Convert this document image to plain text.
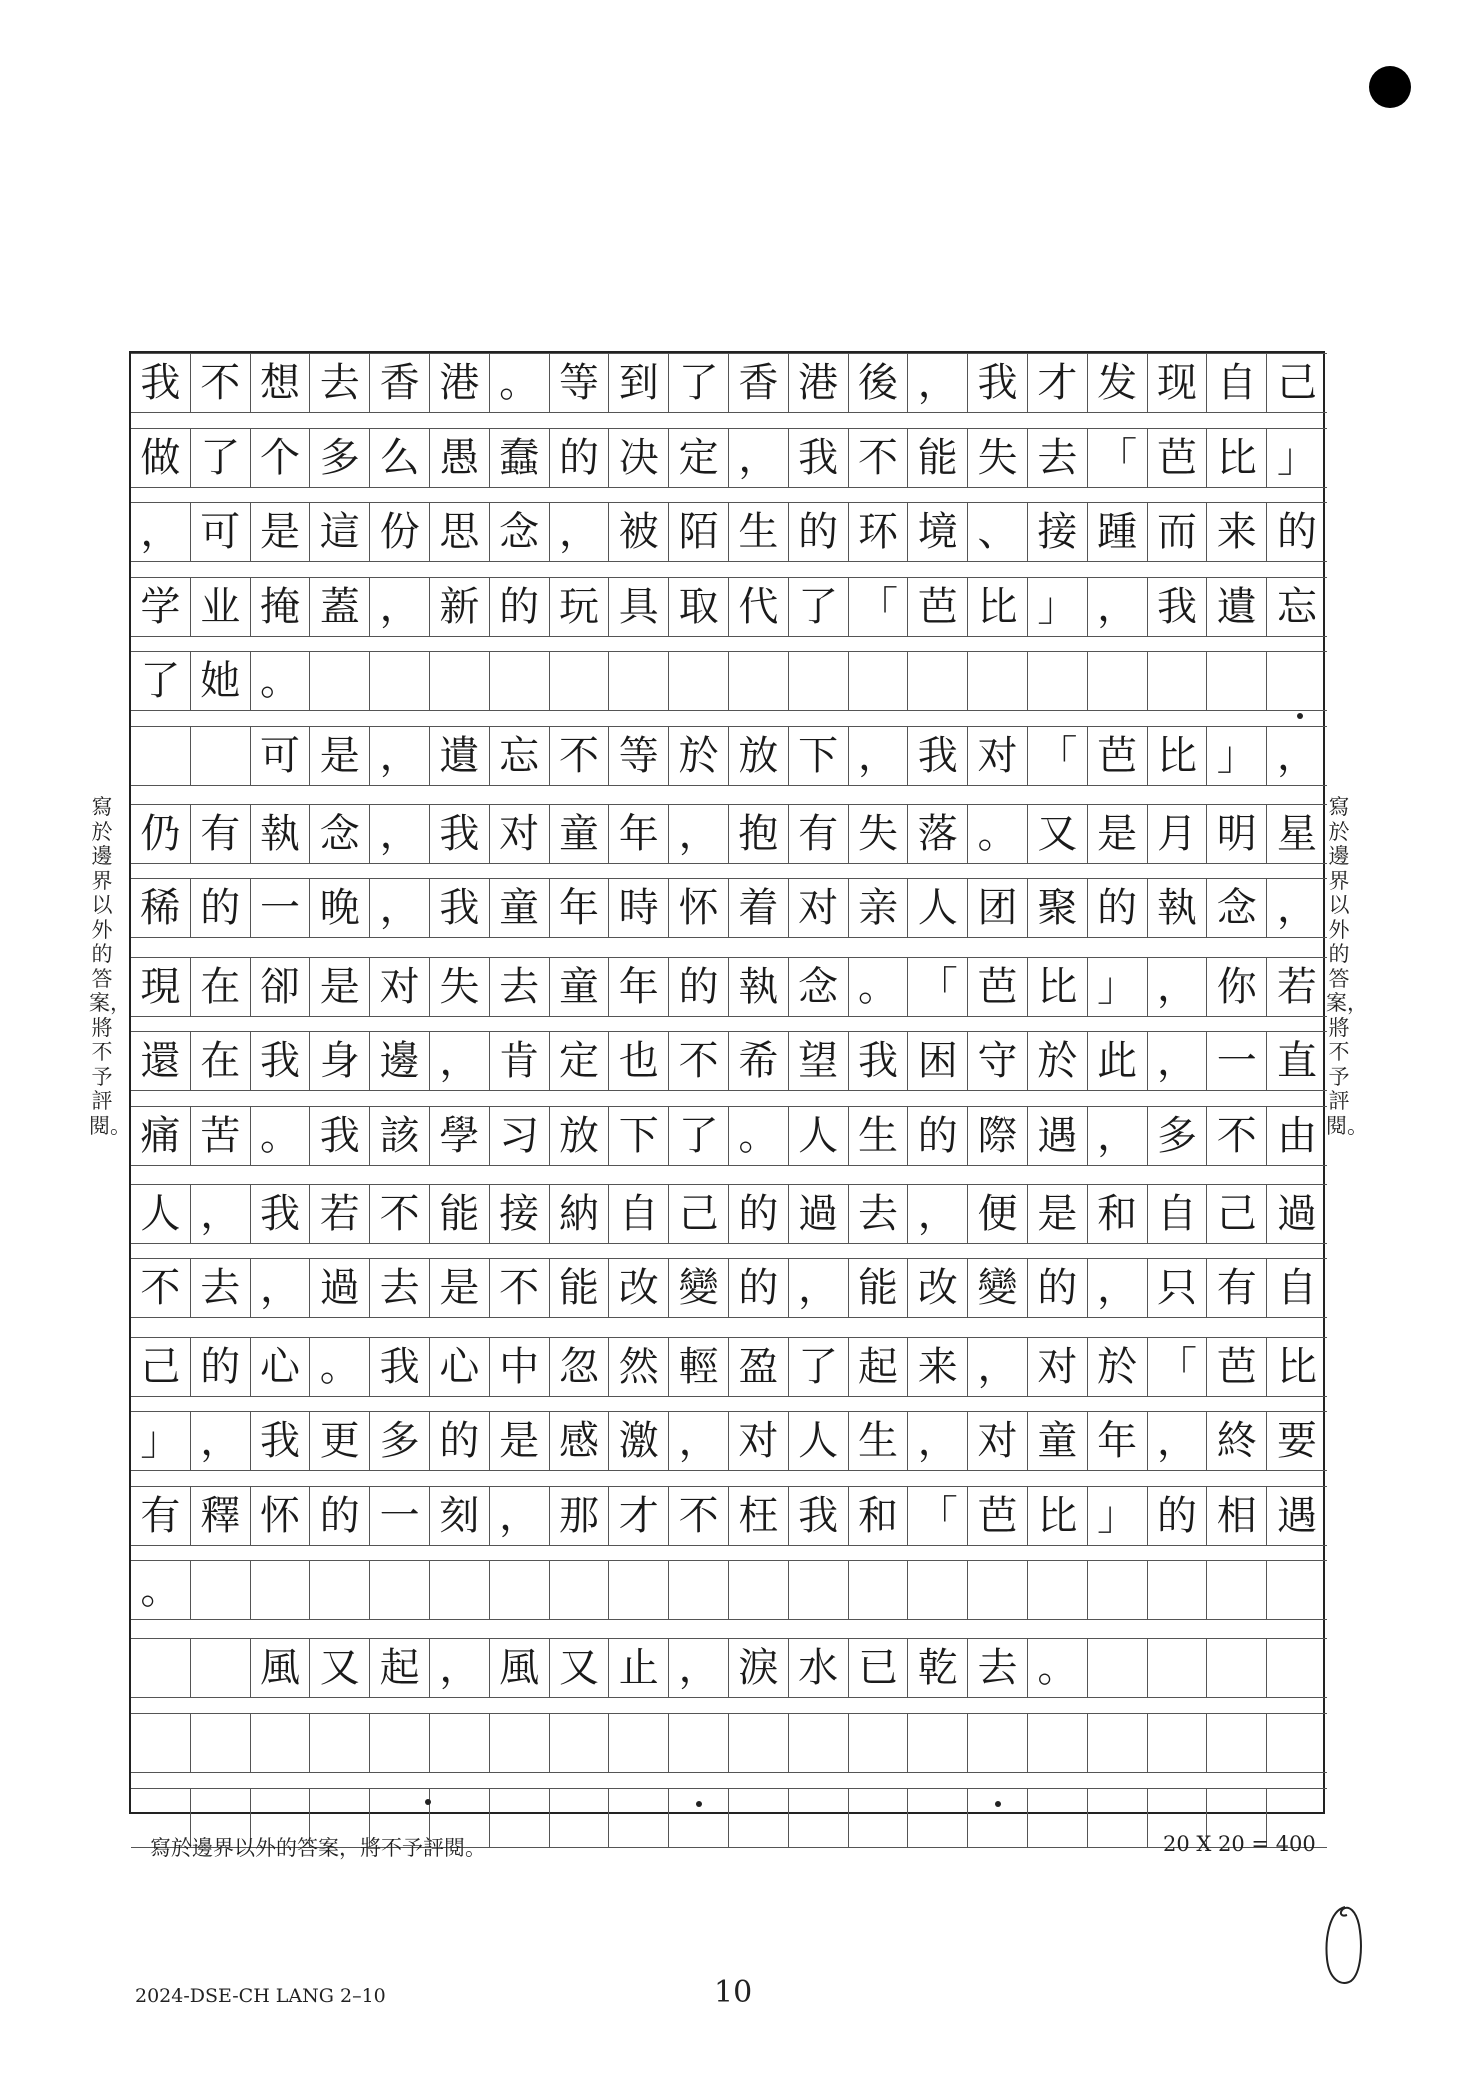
寫於邊界以外的答案，將不予評閱。
寫於邊界以外的答案，將不予評閱。
我 不 想 去 香 港 。 等 到 了 香 港 後 ， 我 才 发 现 自 己
做 了 个 多 么 愚 蠢 的 决 定 ， 我 不 能 失 去 「 芭 比 」
， 可 是 這 份 思 念 ， 被 陌 生 的 环 境 、 接 踵 而 来 的
学 业 掩 蓋 ， 新 的 玩 具 取 代 了 「 芭 比 」 ， 我 遺 忘
了 她 。
可 是 ， 遺 忘 不 等 於 放 下 ， 我 对 「 芭 比 」 ，
仍 有 執 念 ， 我 对 童 年 ， 抱 有 失 落 。 又 是 月 明 星
稀 的 一 晚 ， 我 童 年 時 怀 着 对 亲 人 团 聚 的 執 念 ，
現 在 卻 是 对 失 去 童 年 的 執 念 。 「 芭 比 」 ， 你 若
還 在 我 身 邊 ， 肯 定 也 不 希 望 我 困 守 於 此 ， 一 直
痛 苦 。 我 該 學 习 放 下 了 。 人 生 的 際 遇 ， 多 不 由
人 ， 我 若 不 能 接 納 自 己 的 過 去 ， 便 是 和 自 己 過
不 去 ， 過 去 是 不 能 改 變 的 ， 能 改 變 的 ， 只 有 自
己 的 心 。 我 心 中 忽 然 輕 盈 了 起 来 ， 对 於 「 芭 比
」 ， 我 更 多 的 是 感 激 ， 对 人 生 ， 对 童 年 ， 終 要
有 釋 怀 的 一 刻 ， 那 才 不 枉 我 和 「 芭 比 」 的 相 遇
。
風 又 起 ， 風 又 止 ， 淚 水 已 乾 去 。
寫於邊界以外的答案，將不予評閱。	20 X 20 = 400
2024-DSE-CH LANG 2–10	10
